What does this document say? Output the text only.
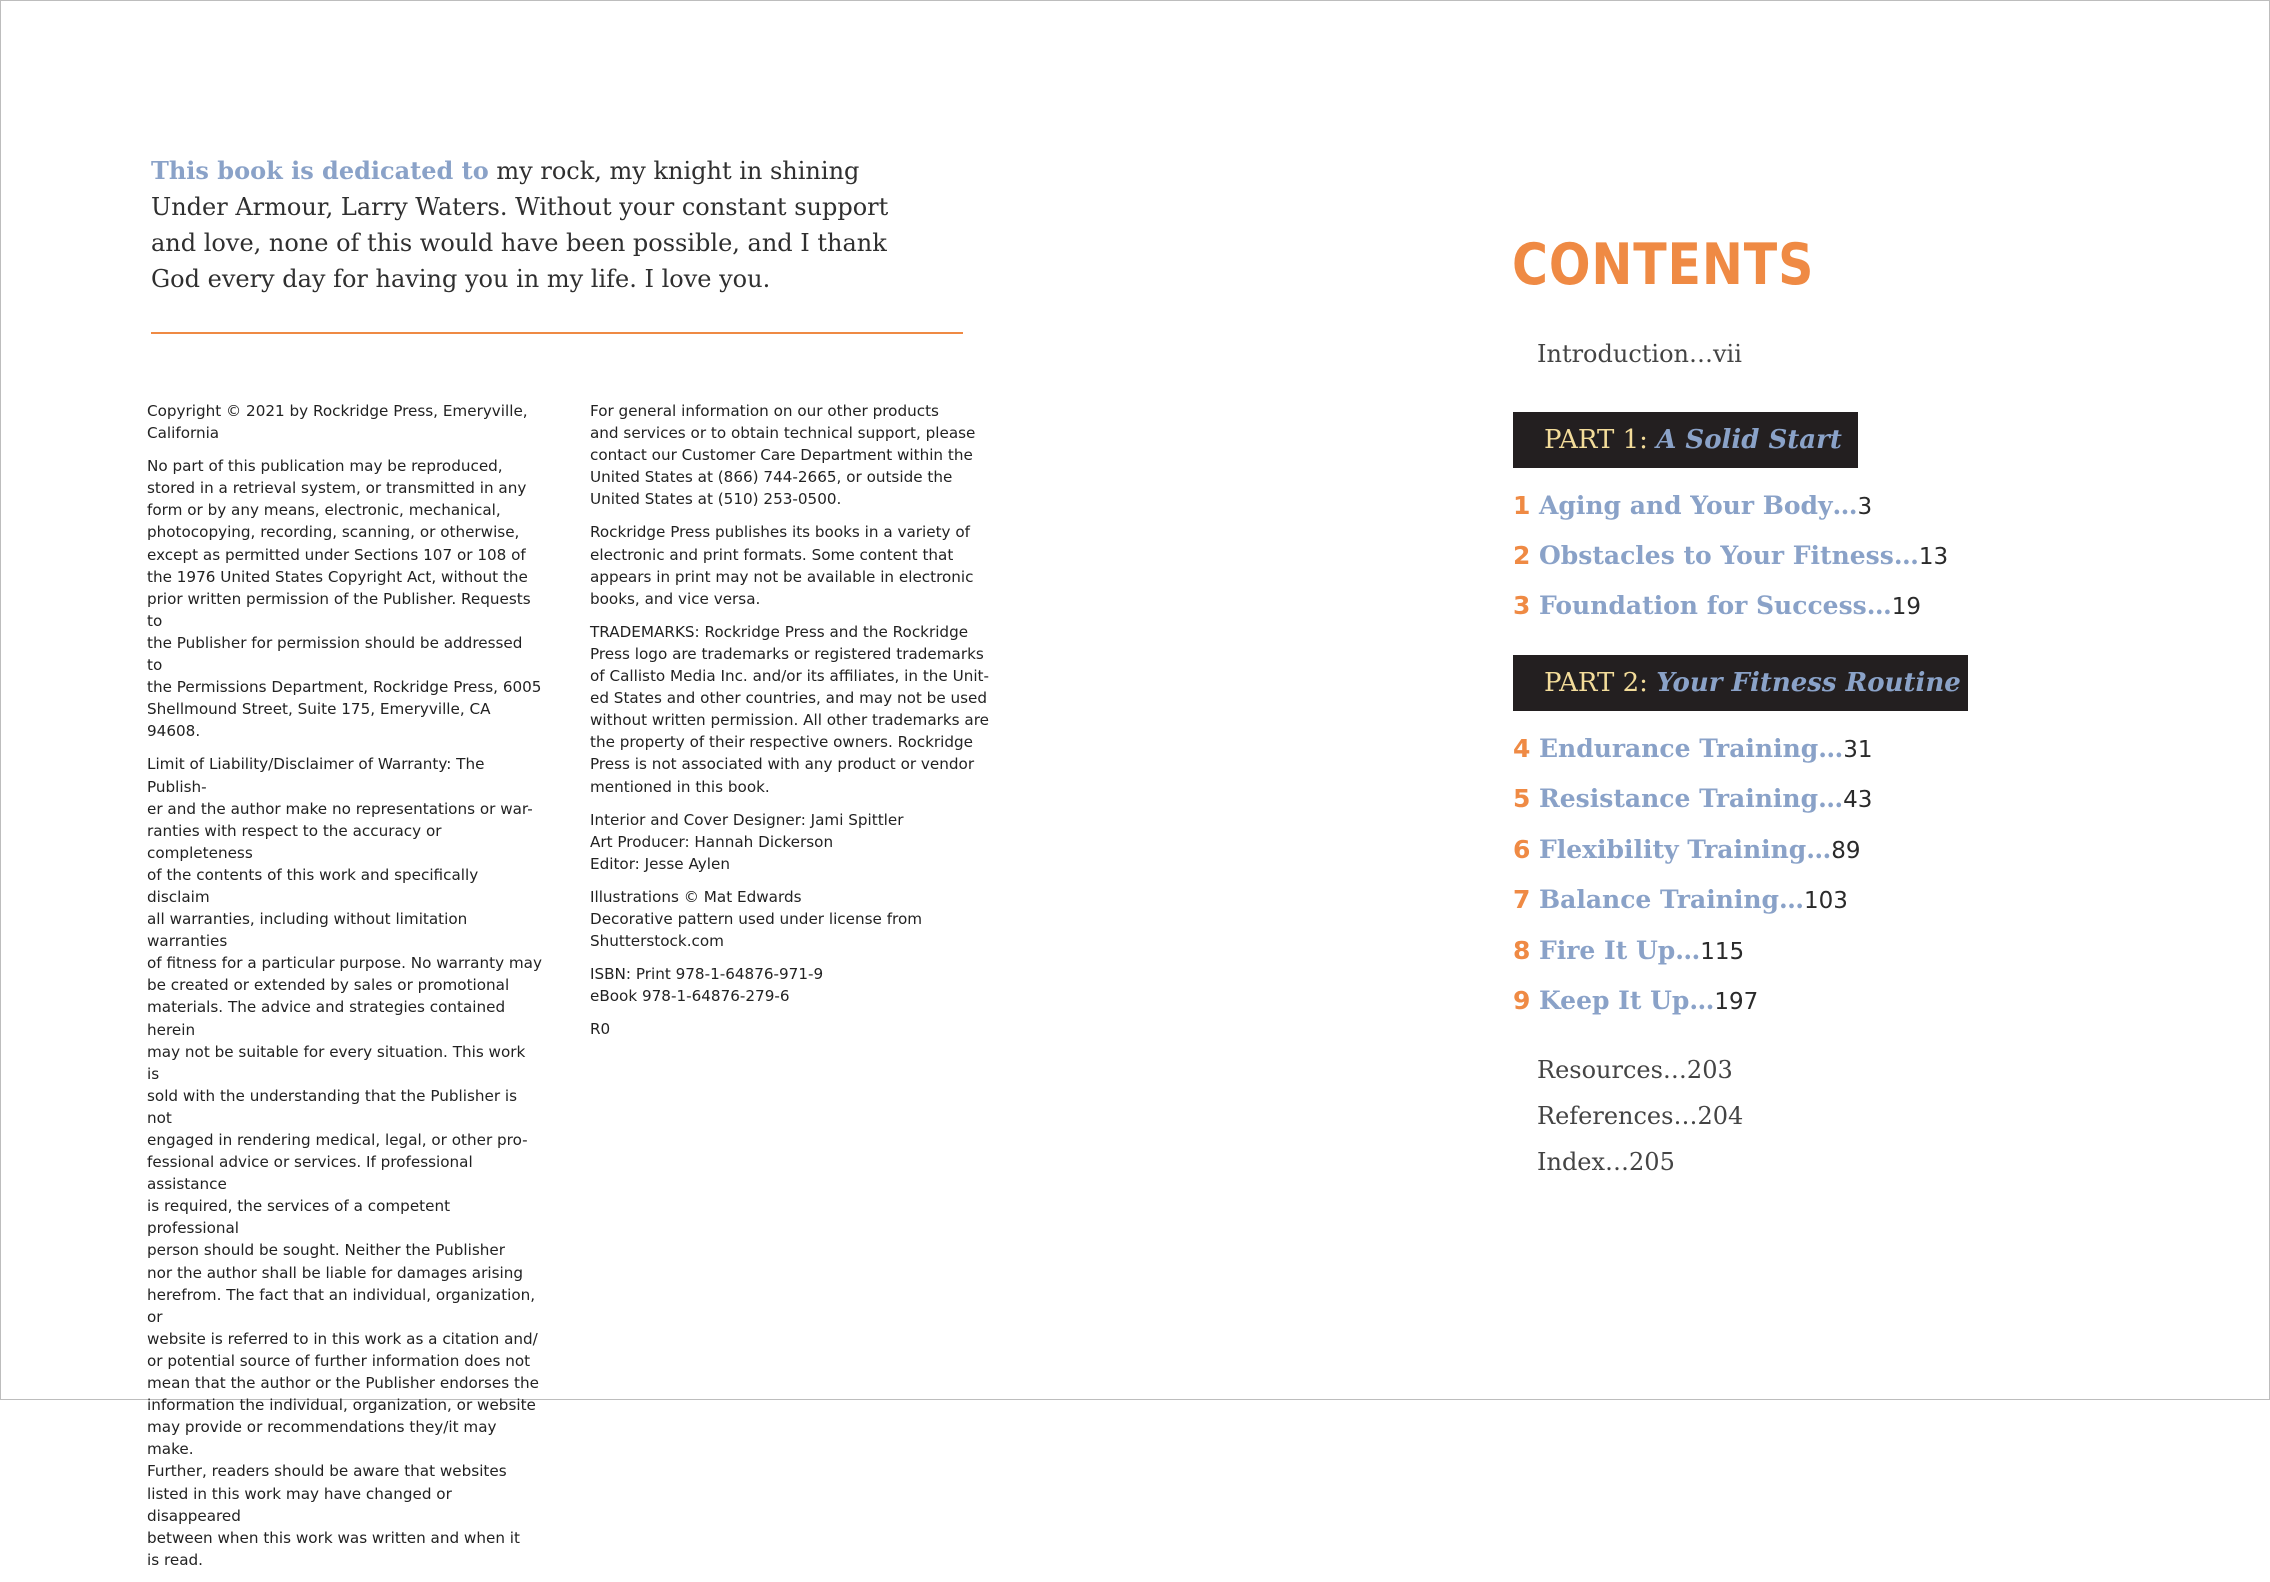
This book is dedicated to my rock, my knight in shining Under Armour, Larry Waters. Without your constant support and love, none of this would have been possible, and I thank God every day for having you in my life. I love you.

Copyright © 2021 by Rockridge Press, Emeryville,
California

No part of this publication may be reproduced,
stored in a retrieval system, or transmitted in any
form or by any means, electronic, mechanical,
photocopying, recording, scanning, or otherwise,
except as permitted under Sections 107 or 108 of
the 1976 United States Copyright Act, without the
prior written permission of the Publisher. Requests to
the Publisher for permission should be addressed to
the Permissions Department, Rockridge Press, 6005
Shellmound Street, Suite 175, Emeryville, CA 94608.

Limit of Liability/Disclaimer of Warranty: The Publish-
er and the author make no representations or war-
ranties with respect to the accuracy or completeness
of the contents of this work and specifically disclaim
all warranties, including without limitation warranties
of fitness for a particular purpose. No warranty may
be created or extended by sales or promotional
materials. The advice and strategies contained herein
may not be suitable for every situation. This work is
sold with the understanding that the Publisher is not
engaged in rendering medical, legal, or other pro-
fessional advice or services. If professional assistance
is required, the services of a competent professional
person should be sought. Neither the Publisher
nor the author shall be liable for damages arising
herefrom. The fact that an individual, organization, or
website is referred to in this work as a citation and/
or potential source of further information does not
mean that the author or the Publisher endorses the
information the individual, organization, or website
may provide or recommendations they/it may make.
Further, readers should be aware that websites
listed in this work may have changed or disappeared
between when this work was written and when it
is read.

For general information on our other products
and services or to obtain technical support, please
contact our Customer Care Department within the
United States at (866) 744-2665, or outside the
United States at (510) 253-0500.

Rockridge Press publishes its books in a variety of
electronic and print formats. Some content that
appears in print may not be available in electronic
books, and vice versa.

TRADEMARKS: Rockridge Press and the Rockridge
Press logo are trademarks or registered trademarks
of Callisto Media Inc. and/or its affiliates, in the Unit-
ed States and other countries, and may not be used
without written permission. All other trademarks are
the property of their respective owners. Rockridge
Press is not associated with any product or vendor
mentioned in this book.

Interior and Cover Designer: Jami Spittler
Art Producer: Hannah Dickerson
Editor: Jesse Aylen

Illustrations © Mat Edwards
Decorative pattern used under license from
Shutterstock.com

ISBN: Print 978-1-64876-971-9
eBook 978-1-64876-279-6

R0

CONTENTS
Introduction…vii
PART 1: A Solid Start
1 Aging and Your Body…3
2 Obstacles to Your Fitness…13
3 Foundation for Success…19
PART 2: Your Fitness Routine
4 Endurance Training…31
5 Resistance Training…43
6 Flexibility Training…89
7 Balance Training…103
8 Fire It Up…115
9 Keep It Up…197
Resources…203
References…204
Index…205
